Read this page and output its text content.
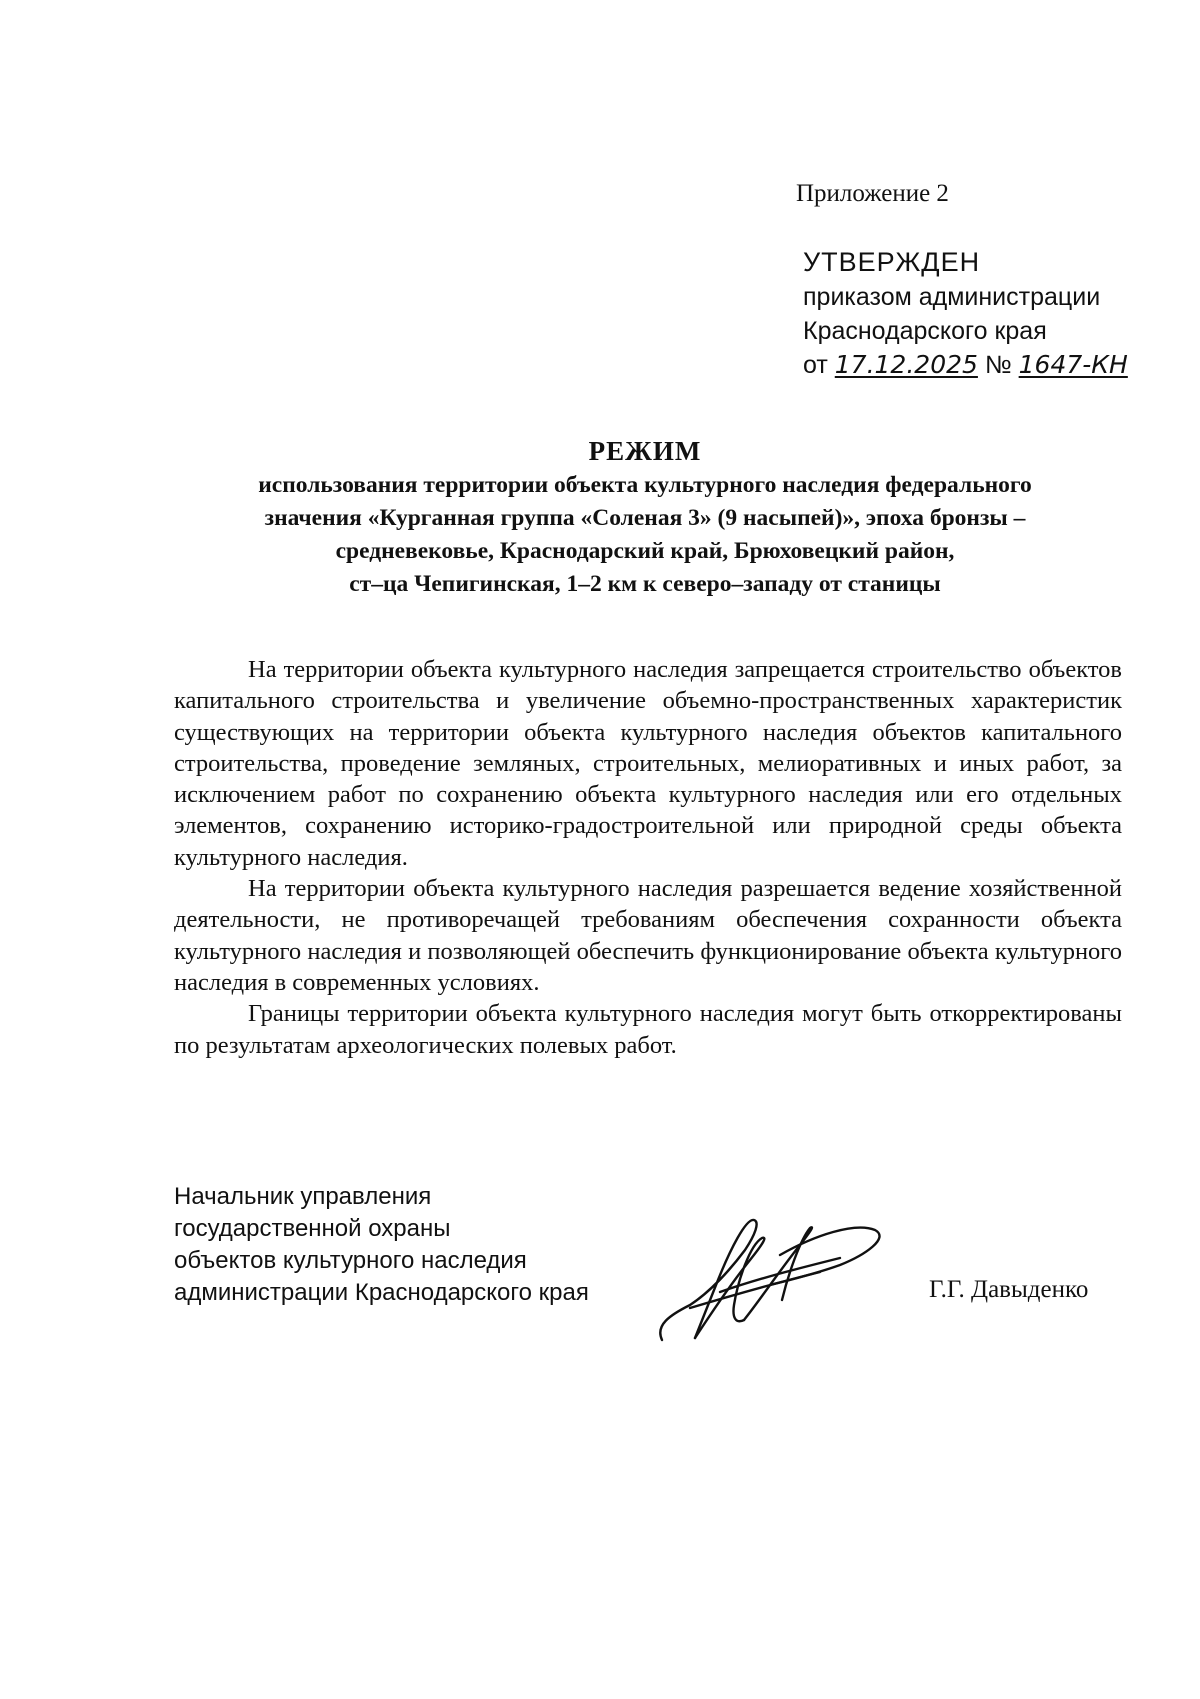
Приложение 2
УТВЕРЖДЕН
приказом администрации
Краснодарского края
от 17.12.2025 № 1647-КН
РЕЖИМ
использования территории объекта культурного наследия федерального
значения «Курганная группа «Соленая 3» (9 насыпей)», эпоха бронзы –
средневековье, Краснодарский край, Брюховецкий район,
ст–ца Чепигинская, 1–2 км к северо–западу от станицы

На территории объекта культурного наследия запрещается строительство объектов капитального строительства и увеличение объемно-пространственных характеристик существующих на территории объекта культурного наследия объектов капитального строительства, проведение земляных, строительных, мелиоративных и иных работ, за исключением работ по сохранению объекта культурного наследия или его отдельных элементов, сохранению историко-градостроительной или природной среды объекта культурного наследия.

На территории объекта культурного наследия разрешается ведение хозяйственной деятельности, не противоречащей требованиям обеспечения сохранности объекта культурного наследия и позволяющей обеспечить функционирование объекта культурного наследия в современных условиях.

Границы территории объекта культурного наследия могут быть откорректированы по результатам археологических полевых работ.

Начальник управления
государственной охраны
объектов культурного наследия
администрации Краснодарского края	Г.Г. Давыденко
